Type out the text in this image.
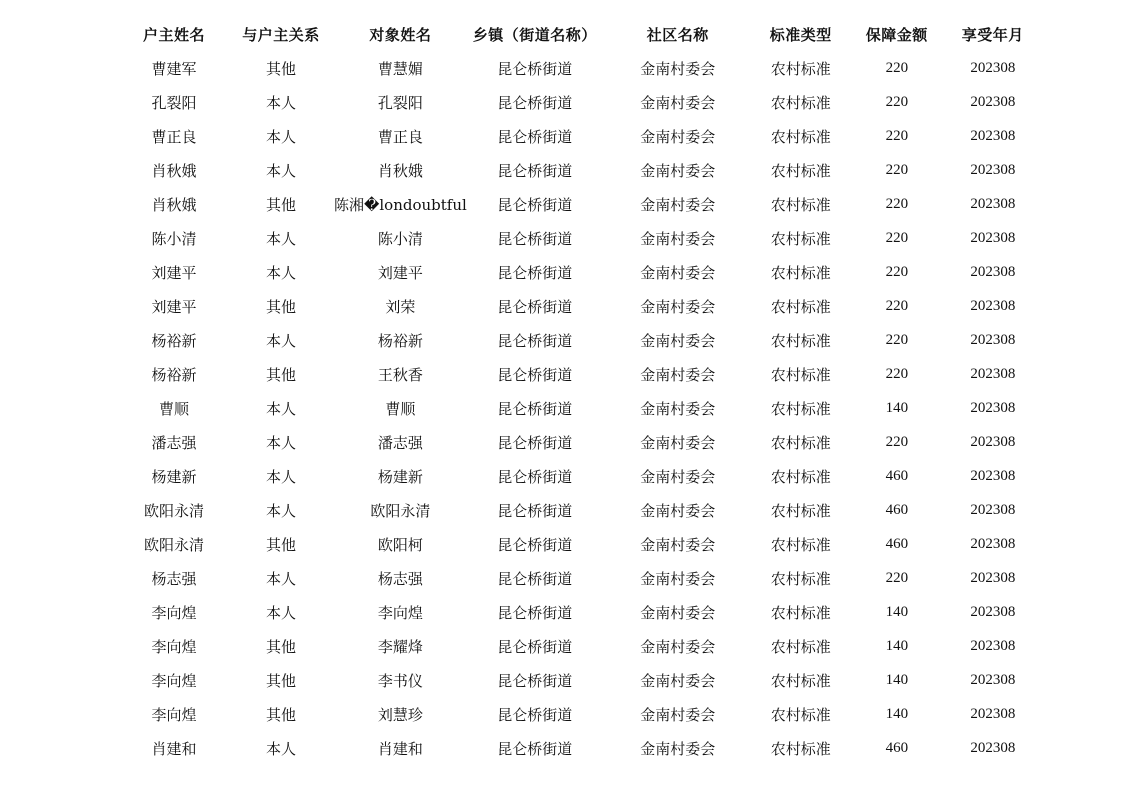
户主姓名	与户主关系	对象姓名	乡镇（街道名称）	社区名称	标准类型	保障金额	享受年月
曹建军	其他	曹慧媚	昆仑桥街道	金南村委会	农村标准	220	202308
孔裂阳	本人	孔裂阳	昆仑桥街道	金南村委会	农村标准	220	202308
曹正良	本人	曹正良	昆仑桥街道	金南村委会	农村标准	220	202308
肖秋娥	本人	肖秋娥	昆仑桥街道	金南村委会	农村标准	220	202308
肖秋娥	其他	陈湘�londoubtful	昆仑桥街道	金南村委会	农村标准	220	202308
陈小清	本人	陈小清	昆仑桥街道	金南村委会	农村标准	220	202308
刘建平	本人	刘建平	昆仑桥街道	金南村委会	农村标准	220	202308
刘建平	其他	刘荣	昆仑桥街道	金南村委会	农村标准	220	202308
杨裕新	本人	杨裕新	昆仑桥街道	金南村委会	农村标准	220	202308
杨裕新	其他	王秋香	昆仑桥街道	金南村委会	农村标准	220	202308
曹顺	本人	曹顺	昆仑桥街道	金南村委会	农村标准	140	202308
潘志强	本人	潘志强	昆仑桥街道	金南村委会	农村标准	220	202308
杨建新	本人	杨建新	昆仑桥街道	金南村委会	农村标准	460	202308
欧阳永清	本人	欧阳永清	昆仑桥街道	金南村委会	农村标准	460	202308
欧阳永清	其他	欧阳柯	昆仑桥街道	金南村委会	农村标准	460	202308
杨志强	本人	杨志强	昆仑桥街道	金南村委会	农村标准	220	202308
李向煌	本人	李向煌	昆仑桥街道	金南村委会	农村标准	140	202308
李向煌	其他	李耀烽	昆仑桥街道	金南村委会	农村标准	140	202308
李向煌	其他	李书仪	昆仑桥街道	金南村委会	农村标准	140	202308
李向煌	其他	刘慧珍	昆仑桥街道	金南村委会	农村标准	140	202308
肖建和	本人	肖建和	昆仑桥街道	金南村委会	农村标准	460	202308
